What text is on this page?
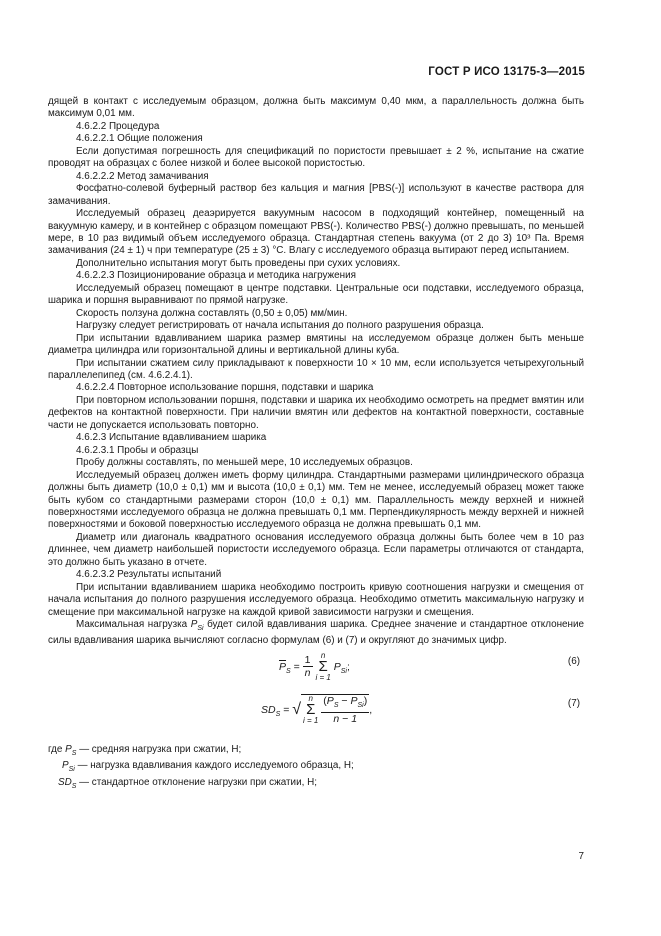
ГОСТ Р ИСО 13175-3—2015

дящей в контакт с исследуемым образцом, должна быть максимум 0,40 мкм, а параллельность должна быть максимум 0,01 мм.

4.6.2.2 Процедура

4.6.2.2.1 Общие положения

Если допустимая погрешность для спецификаций по пористости превышает ± 2 %, испытание на сжатие проводят на образцах с более низкой и более высокой пористостью.

4.6.2.2.2 Метод замачивания

Фосфатно-солевой буферный раствор без кальция и магния [PBS(-)] используют в качестве раствора для замачивания.

Исследуемый образец деаэрируется вакуумным насосом в подходящий контейнер, помещенный на вакуумную камеру, и в контейнер с образцом помещают PBS(-). Количество PBS(-) должно превышать, по меньшей мере, в 10 раз видимый объем исследуемого образца. Стандартная степень вакуума (от 2 до 3) 10³ Па. Время замачивания (24 ± 1) ч при температуре (25 ± 3) °C. Влагу с исследуемого образца вытирают перед испытанием.

Дополнительно испытания могут быть проведены при сухих условиях.

4.6.2.2.3 Позиционирование образца и методика нагружения

Исследуемый образец помещают в центре подставки. Центральные оси подставки, исследуемого образца, шарика и поршня выравнивают по прямой нагрузке.

Скорость ползуна должна составлять (0,50 ± 0,05) мм/мин.

Нагрузку следует регистрировать от начала испытания до полного разрушения образца.

При испытании вдавливанием шарика размер вмятины на исследуемом образце должен быть меньше диаметра цилиндра или горизонтальной длины и вертикальной длины куба.

При испытании сжатием силу прикладывают к поверхности 10 × 10 мм, если используется четырехугольный параллелепипед (см. 4.6.2.4.1).

4.6.2.2.4 Повторное использование поршня, подставки и шарика

При повторном использовании поршня, подставки и шарика их необходимо осмотреть на предмет вмятин или дефектов на контактной поверхности. При наличии вмятин или дефектов на контактной поверхности, составные части не допускается использовать повторно.

4.6.2.3 Испытание вдавливанием шарика

4.6.2.3.1 Пробы и образцы

Пробу должны составлять, по меньшей мере, 10 исследуемых образцов.

Исследуемый образец должен иметь форму цилиндра. Стандартными размерами цилиндрического образца должны быть диаметр (10,0 ± 0,1) мм и высота (10,0 ± 0,1) мм. Тем не менее, исследуемый образец может также быть кубом со стандартными размерами сторон (10,0 ± 0,1) мм. Параллельность между верхней и нижней поверхностями исследуемого образца не должна превышать 0,1 мм. Перпендикулярность между верхней и нижней поверхностями и боковой поверхностью исследуемого образца не должна превышать 0,1 мм.

Диаметр или диагональ квадратного основания исследуемого образца должны быть более чем в 10 раз длиннее, чем диаметр наибольшей пористости исследуемого образца. Если параметры отличаются от стандарта, это должно быть указано в отчете.

4.6.2.3.2 Результаты испытаний

При испытании вдавливанием шарика необходимо построить кривую соотношения нагрузки и смещения от начала испытания до полного разрушения исследуемого образца. Необходимо отметить максимальную нагрузку и смещение при максимальной нагрузке на каждой кривой зависимости нагрузки и смещения.

Максимальная нагрузка $P_{Si}$ будет силой вдавливания шарика. Среднее значение и стандартное отклонение силы вдавливания шарика вычисляют согласно формулам (6) и (7) и округляют до значимых цифр.

$\overline{P}_S = \frac{1}{n}$
	n
Σ
i = 1
$P_{Si}$;	(6)
$SD_S$ = √
n
Σ
i = 1
$\frac{(\overline{P}_S - P_{Si})}{n - 1}$ ,
(7)

где $P_S$ — средняя нагрузка при сжатии, Н;

$P_{Si}$ — нагрузка вдавливания каждого исследуемого образца, Н;

$SD_S$ — стандартное отклонение нагрузки при сжатии, Н;

7
